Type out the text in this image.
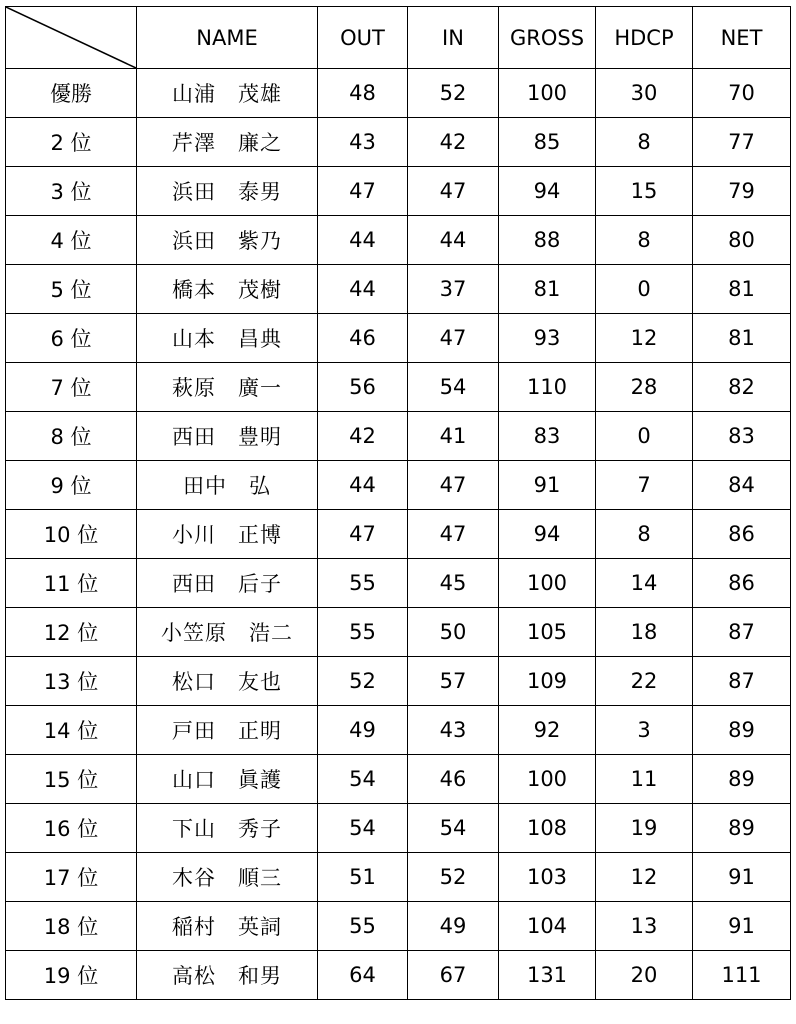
	NAME	OUT	IN	GROSS	HDCP	NET
優勝	山浦　茂雄	48	52	100	30	70
2 位	芹澤　廉之	43	42	85	8	77
3 位	浜田　泰男	47	47	94	15	79
4 位	浜田　紫乃	44	44	88	8	80
5 位	橋本　茂樹	44	37	81	0	81
6 位	山本　昌典	46	47	93	12	81
7 位	萩原　廣一	56	54	110	28	82
8 位	西田　豊明	42	41	83	0	83
9 位	田中　弘	44	47	91	7	84
10 位	小川　正博	47	47	94	8	86
11 位	西田　后子	55	45	100	14	86
12 位	小笠原　浩二	55	50	105	18	87
13 位	松口　友也	52	57	109	22	87
14 位	戸田　正明	49	43	92	3	89
15 位	山口　眞護	54	46	100	11	89
16 位	下山　秀子	54	54	108	19	89
17 位	木谷　順三	51	52	103	12	91
18 位	稲村　英詞	55	49	104	13	91
19 位	高松　和男	64	67	131	20	111
